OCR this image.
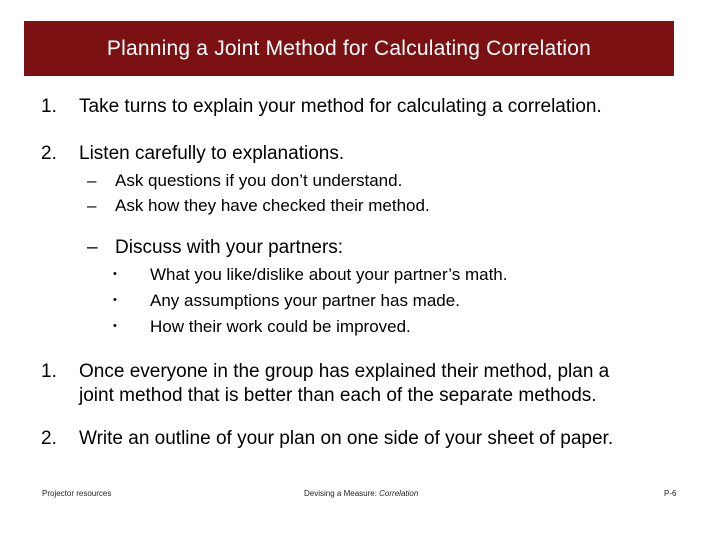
Planning a Joint Method for Calculating Correlation
1. Take turns to explain your method for calculating a correlation.
2. Listen carefully to explanations.
– Ask questions if you don’t understand.
– Ask how they have checked their method.
– Discuss with your partners:
• What you like/dislike about your partner’s math.
• Any assumptions your partner has made.
• How their work could be improved.
1. Once everyone in the group has explained their method, plan a
joint method that is better than each of the separate methods.
2. Write an outline of your plan on one side of your sheet of paper.
Projector resources	Devising a Measure: Correlation	P-6
